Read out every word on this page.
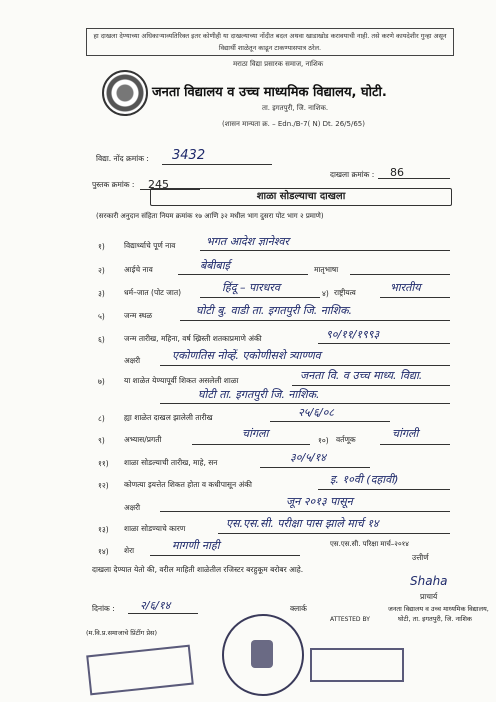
हा दाखला देण्याच्या अधिकाऱ्याव्यतिरिक्त इतर कोणीही या दाखल्याच्या नोंदीत बदल अथवा खाडाखोड करावयाची नाही. तसे करणे कायदेशीर गुन्हा असून विद्यार्थी शाळेतून काढून टाकण्यासपात्र ठरेल.
मराठा विद्या प्रसारक समाज, नाशिक
जनता विद्यालय व उच्च माध्यमिक विद्यालय, घोटी.
ता. इगतपुरी, जि. नाशिक.
(शासन मान्यता क्र. – Edn./B-7( N) Dt. 26/5/65)
विद्या. नोंद क्रमांक : 3432
पुस्तक क्रमांक : 245
दाखला क्रमांक : 86
शाळा सोडल्याचा दाखला
(सरकारी अनुदान संहिता नियम क्रमांक १७ आणि ३२ मधील भाग दुसरा पोट भाग २ प्रमाणे)
१)	विद्यार्थ्याचे पूर्ण नाव	भगत आदेश ज्ञानेश्वर
२)	आईचे नाव	बेबीबाई	मातृभाषा
३)	धर्म–जात (पोट जात)	हिंदू – पारधरव	४) राष्ट्रीयत्व	भारतीय
५)	जन्म स्थळ	घोटी बु. वाडी ता. इगतपुरी जि. नाशिक.
६)	जन्म तारीख, महिना, वर्ष ख्रिस्ती शतकाप्रमाणे अंकी	९०/११/१९९३
अक्षरी	एकोणतिस नोव्हें. एकोणीसशे त्र्याण्णव
७)	या शाळेत येण्यापूर्वी शिकत असलेली शाळा	जनता वि. व उच्च माध्य. विद्या.
घोटी ता. इगतपुरी जि. नाशिक.
८)	ह्या शाळेत दाखल झालेली तारीख	२५/६/०८
९)	अभ्यास/प्रगती	चांगला
१०) वर्तणूक	चांगली
११) शाळा सोडल्याची तारीख, माहे, सन	३०/५/१४
१२) कोणत्या इयत्तेत शिकत होता व कधीपासून अंकी	इ. १०वी (दहावी)
अक्षरी	जून २०१३ पासून
१३) शाळा सोडण्याचे कारण	एस.एस.सी. परीक्षा पास झाले मार्च १४
१४) शेरा	मागणी नाही	एस.एस.सी. परिक्षा मार्च–२०१४
उत्तीर्ण
दाखला देण्यात येतो की, वरील माहिती शाळेतील रजिस्टर बरहुकूम बरोबर आहे.
Shaha
प्राचार्य
जनता विद्यालय व उच्च माध्यमिक विद्यालय,
घोटी, ता. इगतपुरी, जि. नाशिक
दिनांक : २/६/१४	क्लार्क
ATTESTED BY
(म.वि.प्र.समाजाचे प्रिंटींग प्रेस)
